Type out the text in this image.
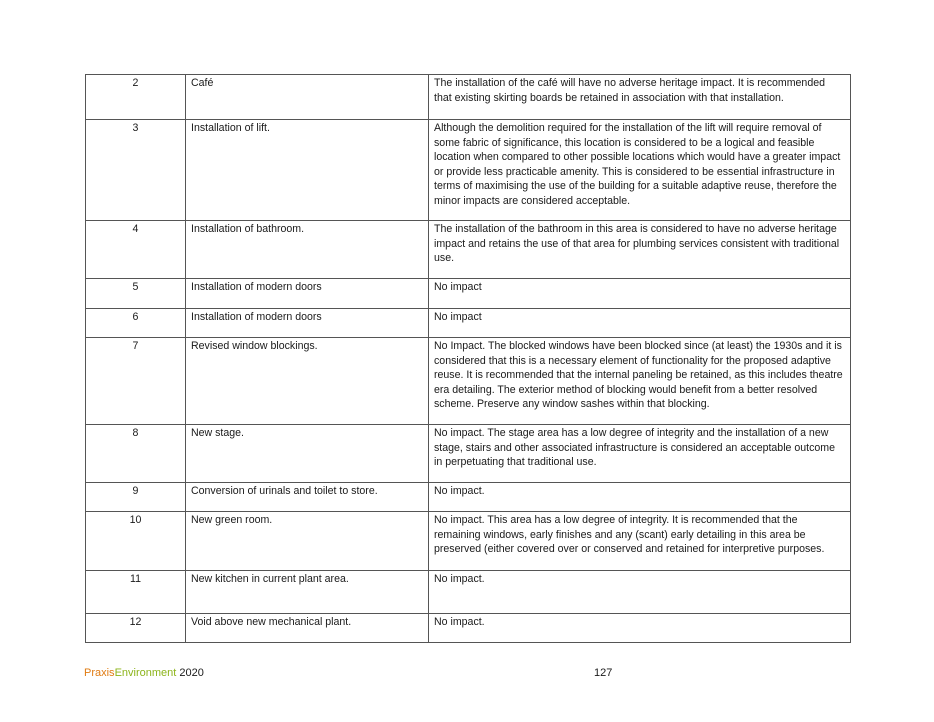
2	Café	The installation of the café will have no adverse heritage impact. It is recommended that existing skirting boards be retained in association with that installation.
3	Installation of lift.	Although the demolition required for the installation of the lift will require removal of some fabric of significance, this location is considered to be a logical and feasible location when compared to other possible locations which would have a greater impact or provide less practicable amenity. This is considered to be essential infrastructure in terms of maximising the use of the building for a suitable adaptive reuse, therefore the minor impacts are considered acceptable.
4	Installation of bathroom.	The installation of the bathroom in this area is considered to have no adverse heritage impact and retains the use of that area for plumbing services consistent with traditional use.
5	Installation of modern doors	No impact
6	Installation of modern doors	No impact
7	Revised window blockings.	No Impact. The blocked windows have been blocked since (at least) the 1930s and it is considered that this is a necessary element of functionality for the proposed adaptive reuse. It is recommended that the internal paneling be retained, as this includes theatre era detailing. The exterior method of blocking would benefit from a better resolved scheme. Preserve any window sashes within that blocking.
8	New stage.	No impact. The stage area has a low degree of integrity and the installation of a new stage, stairs and other associated infrastructure is considered an acceptable outcome in perpetuating that traditional use.
9	Conversion of urinals and toilet to store.	No impact.
10	New green room.	No impact. This area has a low degree of integrity. It is recommended that the remaining windows, early finishes and any (scant) early detailing in this area be preserved (either covered over or conserved and retained for interpretive purposes.
11	New kitchen in current plant area.	No impact.
12	Void above new mechanical plant.	No impact.
PraxisEnvironment 2020	127
